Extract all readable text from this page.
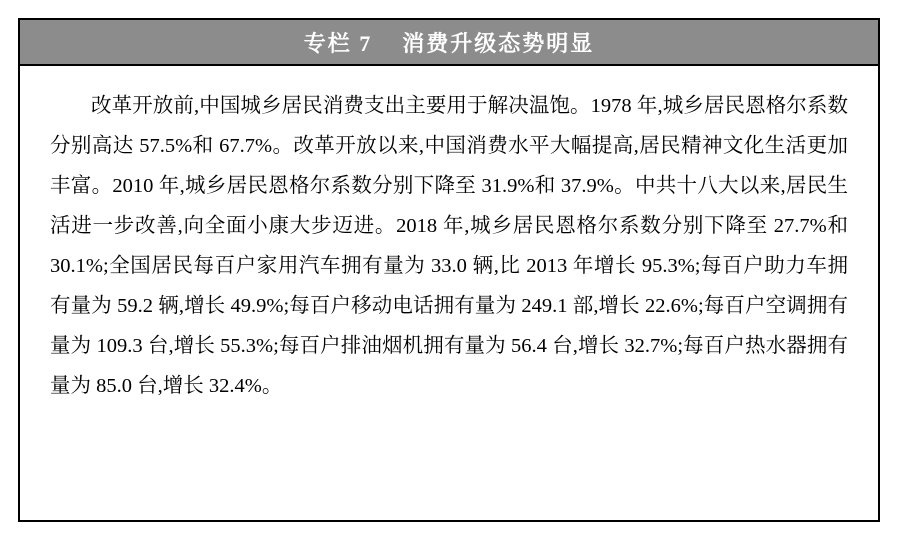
专栏 7    消费升级态势明显

改革开放前,中国城乡居民消费支出主要用于解决温饱。1978 年,城乡居民恩格尔系数分别高达 57.5%和 67.7%。改革开放以来,中国消费水平大幅提高,居民精神文化生活更加丰富。2010 年,城乡居民恩格尔系数分别下降至 31.9%和 37.9%。中共十八大以来,居民生活进一步改善,向全面小康大步迈进。2018 年,城乡居民恩格尔系数分别下降至 27.7%和 30.1%;全国居民每百户家用汽车拥有量为 33.0 辆,比 2013 年增长 95.3%;每百户助力车拥有量为 59.2 辆,增长 49.9%;每百户移动电话拥有量为 249.1 部,增长 22.6%;每百户空调拥有量为 109.3 台,增长 55.3%;每百户排油烟机拥有量为 56.4 台,增长 32.7%;每百户热水器拥有量为 85.0 台,增长 32.4%。
